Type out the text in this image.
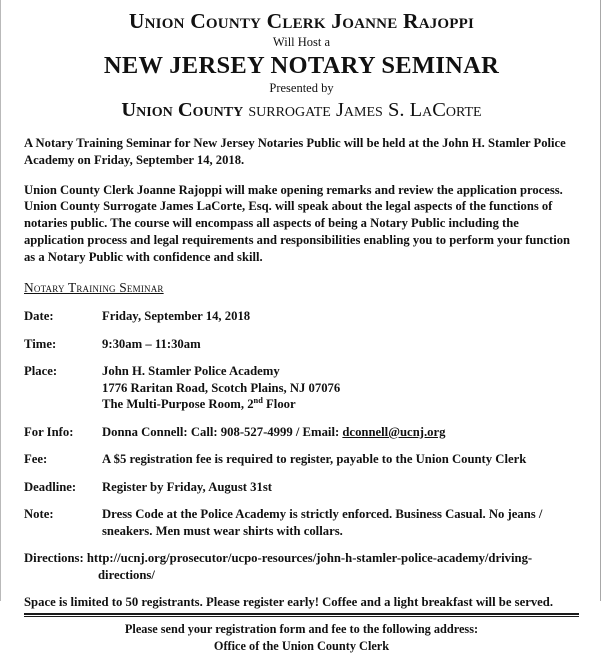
Union County Clerk Joanne Rajoppi
Will Host a
NEW JERSEY NOTARY SEMINAR
Presented by
Union County surrogate James S. LaCorte
A Notary Training Seminar for New Jersey Notaries Public will be held at the John H. Stamler Police Academy on Friday, September 14, 2018.
Union County Clerk Joanne Rajoppi will make opening remarks and review the application process. Union County Surrogate James LaCorte, Esq. will speak about the legal aspects of the functions of notaries public. The course will encompass all aspects of being a Notary Public including the application process and legal requirements and responsibilities enabling you to perform your function as a Notary Public with confidence and skill.
Notary Training Seminar
Date:	Friday, September 14, 2018
Time:	9:30am – 11:30am
Place:	John H. Stamler Police Academy
1776 Raritan Road, Scotch Plains, NJ 07076
The Multi-Purpose Room, 2nd Floor
For Info:	Donna Connell: Call: 908-527-4999 / Email: dconnell@ucnj.org
Fee:	A $5 registration fee is required to register, payable to the Union County Clerk
Deadline:	Register by Friday, August 31st
Note:	Dress Code at the Police Academy is strictly enforced. Business Casual. No jeans / sneakers. Men must wear shirts with collars.
Directions: http://ucnj.org/prosecutor/ucpo-resources/john-h-stamler-police-academy/driving-
directions/
Space is limited to 50 registrants. Please register early! Coffee and a light breakfast will be served.
Please send your registration form and fee to the following address:
Office of the Union County Clerk
